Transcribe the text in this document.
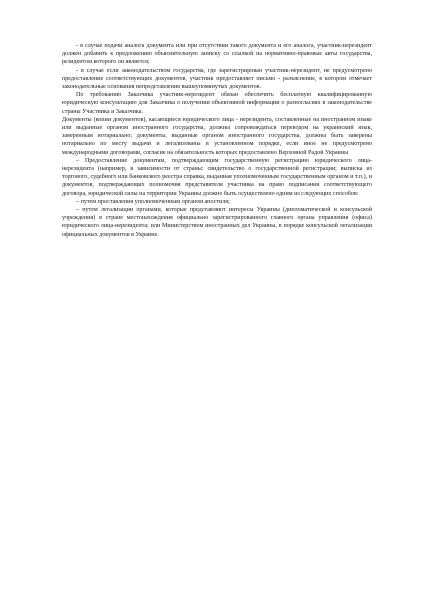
- в случае подачи аналога документа или при отсутствии такого документа и его аналога, участник-нерезидент должен добавить к предложению объяснительную записку со ссылкой на нормативно-правовые акты государства, резидентом которого он является;

- в случае если законодательством государства, где зарегистрирован участник-нерезидент, не предусмотрено предоставление соответствующих документов, участник предоставляет письмо - разъяснение, в котором отмечает законодательные основания непредставления вышеупомянутых документов.

По требованию Заказчика участник-нерезидент обязан обеспечить бесплатную квалифицированную юридическую консультацию для Заказчика о получении объективной информации о разногласиях в законодательстве страны Участника и Заказчика.

Документы (копии документов), касающиеся юридического лица - нерезидента, составленные на иностранном языке или выданные органом иностранного государства, должны сопровождаться переводом на украинский язык, заверенным нотариально; документы, выданные органом иностранного государства, должны быть заверены нотариально по месту выдачи и легализованы в установленном порядке, если иное не предусмотрено международными договорами, согласие на обязательность которых предоставлено Верховной Радой Украины

– Предоставление документам, подтверждающим государственную регистрацию юридического лица-нерезидента (например, в зависимости от страны: свидетельство о государственной регистрации; выписка из торгового, судебного или банковского реестра справка, выданная уполномоченным государственным органом и т.п.), и документов, подтверждающих полномочия представителя участника на право подписания соответствующего договора, юридической силы на территории Украины должно быть осуществлено одним из следующих способов:

– путем проставления уполномоченным органом апостиля;

– путем легализации органами, которые представляют интересы Украины (дипломатической и консульской учреждения) в стране местонахождения официально зарегистрированного главного органа управления (офиса) юридического лица-нерезидента; или Министерством иностранных дел Украины, в порядке консульской легализации официальных документов в Украине.
